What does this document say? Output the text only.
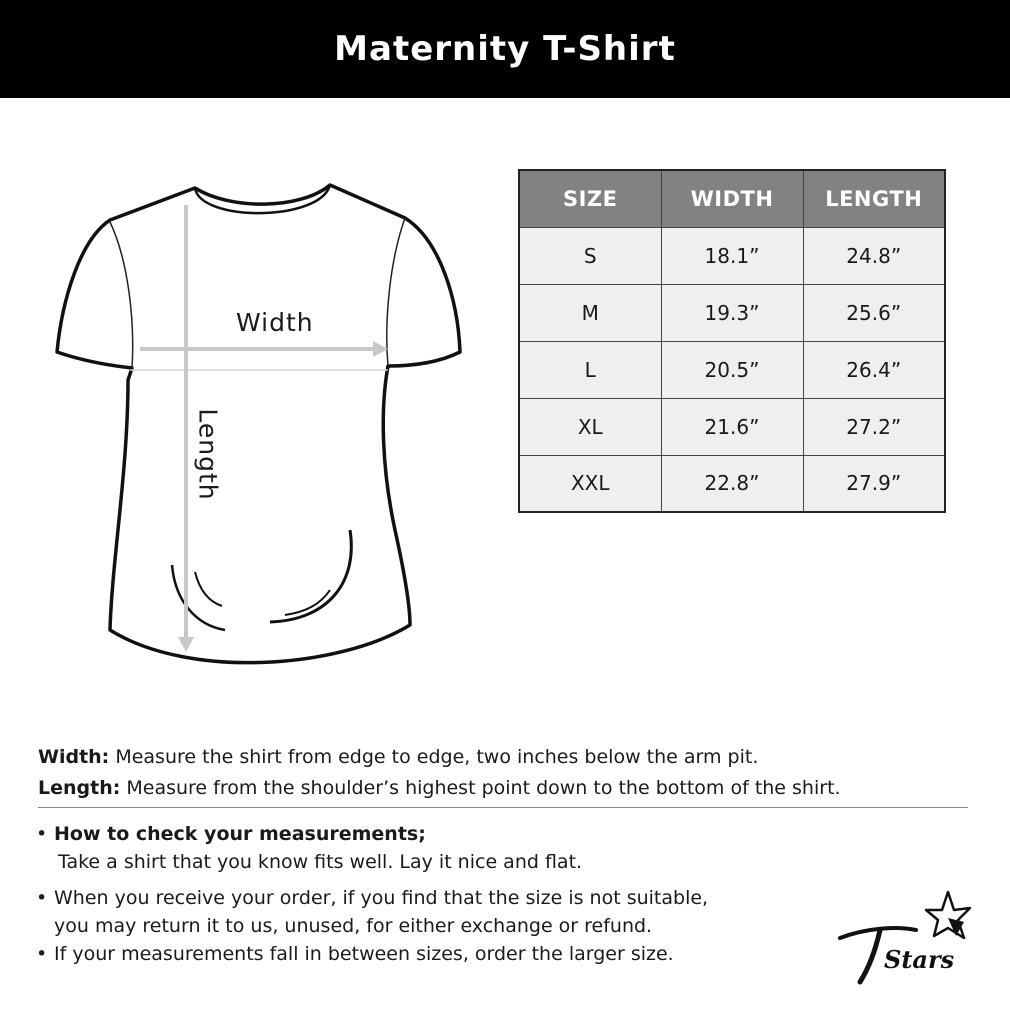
Maternity T-Shirt
Width
Length
SIZE	WIDTH	LENGTH
S	18.1”	24.8”
M	19.3”	25.6”
L	20.5”	26.4”
XL	21.6”	27.2”
XXL	22.8”	27.9”
Width: Measure the shirt from edge to edge, two inches below the arm pit.
Length: Measure from the shoulder’s highest point down to the bottom of the shirt.
• How to check your measurements;
Take a shirt that you know fits well. Lay it nice and flat.
• When you receive your order, if you find that the size is not suitable,
you may return it to us, unused, for either exchange or refund.
• If your measurements fall in between sizes, order the larger size.	Stars
